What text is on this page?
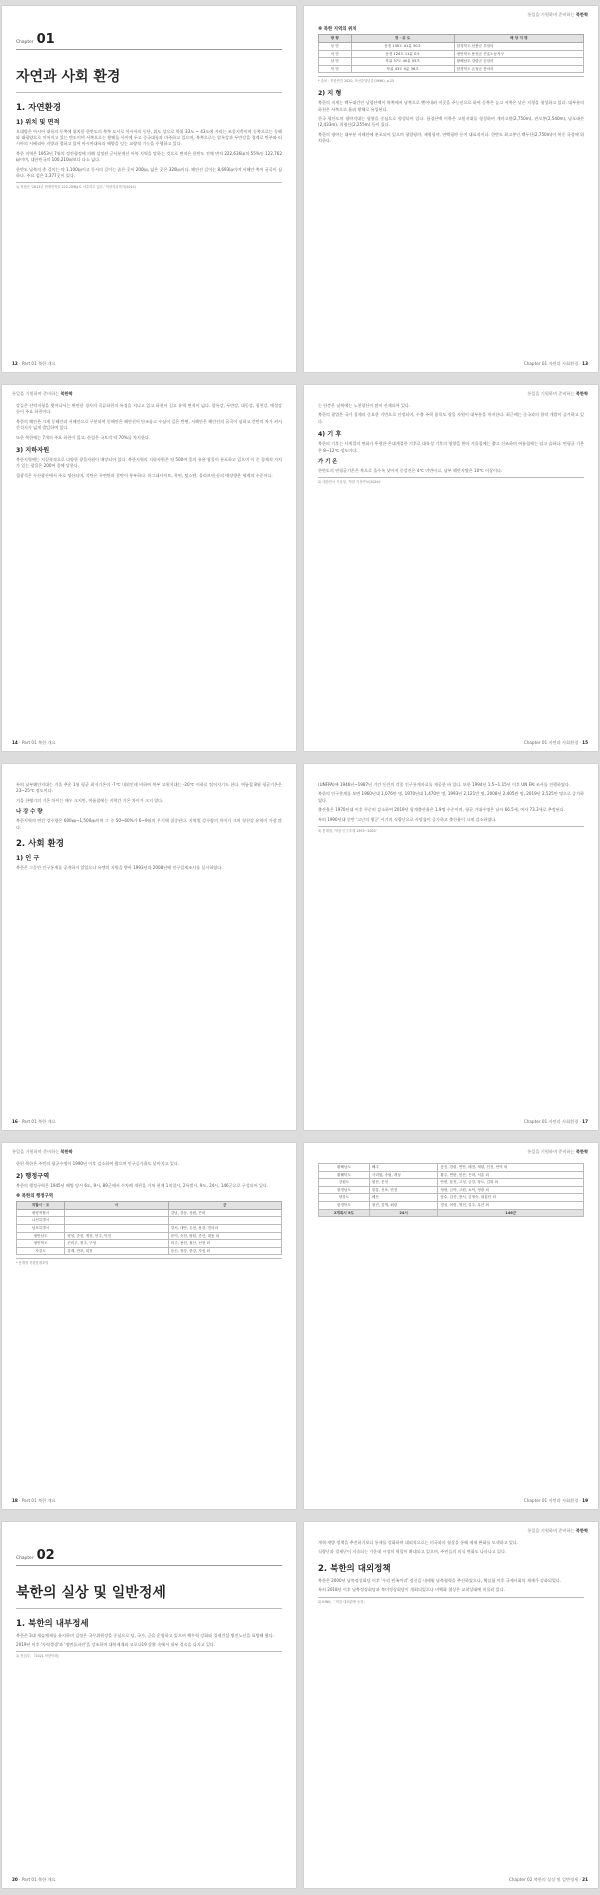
Chapter 01
자연과 사회 환경
1. 자연환경
1) 위치 및 면적

오대양은 아시아 대륙의 동쪽에 위치한 한반도의 북쪽 도시로 아시아의 동단, 위도 상으로 북위 33도 ~ 43도에 자리는 조종지축이며 동쪽으로는 동해와 태평양으로 이어지고 있는 반도이며 서쪽으로는 황해를 사이에 두고 중국대륙과 마주하고 있으며, 북쪽으로는 압록강과 두만강을 경계로 만주와 러시아의 시베리아 지방과 접하고 있어 아시아대륙과 해양을 잇는 교량적 기능을 수행하고 있다.

북한 지역은 1953년 7월의 정전협정에 의해 설정된 군사분계선 이북 지역을 말하는 것으로 면적은 한반도 전체 면적 222,636㎢의 55%인 122,762㎢이며, 대한민국의 100,210㎢보다 다소 넓다.

한반도 남북의 총 길이는 약 1,100㎞이고 동서의 길이는 좁은 곳이 200㎞, 넓은 곳은 320㎞이다. 해안선 길이는 8,693㎞이며 서해안 쪽이 굴곡이 심하다. 주요 섬은 1,377곳이 있다.

1) 북한은 '2013년 현재면적을 222,209㎢로 서술하고 있다.' 북한지리학자(2014)
12 · Part 01 북한 개요
통일을 기원하며 준비하는 북한학
※ 북한 지역의 위치
방 향	경 · 위 도	해 당 지 명
동 단	동경 130도 41분 50초	함경북도 선봉군 우암리
서 단	동경 124도 11분 0초	평안북도 용천군 진흥노동자구
남 단	북위 37도 40분 55초	황해남도 강령군 등암리
북 단	북위 43도 0분 36초	함경북도 온성군 풍서리
* 출처 : 북한연감 2020, 조선중앙년감(1996), p.25
2) 지 형

북한의 지세는 백두대간인 낭림산맥이 북쪽에서 남쪽으로 뻗어내려 이곳을 주능선으로 하여 동쪽은 높고 서쪽은 낮은 지형을 형성하고 있다. 대부분의 하천은 서쪽으로 흘러 황해로 유입된다.

한국 평안도의 평야지대는 평양을 중심으로 형성되어 있다. 함경산맥 이북은 고원지대를 형성하며 개마고원(2,750m), 관모봉(2,540m), 남포태산(2,433m), 희령산(2,255m) 등이 있다.

북한의 평야는 대부분 서해안에 분포되어 있으며 평양평야, 재령평야, 연백평야 등이 대표적이다. 한반도 최고봉인 백두산(2,750m)이 북중 국경에 위치한다.

Chapter 01 자연과 사회환경 · 13
통일을 기원하며 준비하는 북한학

강들은 산악지형을 벗어나서는 완만한 경사의 곡류하천의 특징을 지니고 있고 하천이 길고 유역 면적이 넓다. 압록강, 두만강, 대동강, 청천강, 예성강 등이 주요 하천이다.

북한의 해안은 크게 동해안과 서해안으로 구분되며 동해안은 해안선이 단조롭고 수심이 깊은 반면, 서해안은 해안선의 굴곡이 심하고 간만의 차가 커서 간석지가 넓게 발달하여 있다.

또한 북한에는 7개의 주요 하천이 있고, 산림은 국토의 약 70%를 차지한다.

3) 지하자원

북한지역에는 지질학적으로 다양한 광물자원이 매장되어 있다. 북한지역의 지하자원은 약 500여 종의 유용 광물이 분포하고 있으며 이 중 경제적 가치가 있는 광물은 200여 종에 달한다.

철광석은 무산광산에서 주로 생산되며, 석탄은 무연탄과 갈탄이 풍부하다. 마그네사이트, 흑연, 텅스텐, 몰리브덴 등의 매장량은 세계적 수준이다.

14 · Part 01 북한 개요
통일을 기원하며 준비하는 북한학

는 단층은 남북에는 노천광산이 많이 산재되어 있다.

북한의 광업은 국가 경제의 중요한 기반으로 인정되며, 수출 주력 품목도 광물 자원이 대부분을 차지한다. 최근에는 중국과의 합작 개발이 증가하고 있다.

4) 기 후

북한의 기후는 사계절의 변화가 뚜렷한 온대계절풍 기후로 대륙성 기후의 영향을 받아 겨울철에는 춥고 건조하며 여름철에는 덥고 습하다. 연평균 기온은 8~12℃ 정도이다.

가 기 온

한반도의 연평균기온은 북으로 올수록 낮아져 중강진은 4℃ 미만이고, 남부 해안지방은 10℃ 이상이다.

2) 대한민국 기상청, '북한 기상연보(2020)'
Chapter 01 자연과 사회환경 · 15

특히 남부해안지대는 겨울 추운 1월 평균 최저기온이 -7℃ 내외인데 비하여 북부 고원지대는 -20℃ 이하로 떨어지기도 한다. 여름철 8월 평균기온은 23~25℃ 정도이다.

겨울 한랭기의 기온 차이는 매우 크지만, 여름철에는 지역간 기온 차이가 크지 않다.

나 강 수 량

북한지역의 연간 강수량은 600㎜~1,500㎜이며 그 중 50~60%가 6~9월의 우기에 집중된다. 지역별 강수량의 차이가 크며 청천강 유역이 가장 많다.

2. 사회 환경
1) 인 구

북한은 그동안 인구통계를 공개하지 않았으나 유엔의 지원을 받아 1993년과 2008년에 인구일제조사를 실시하였다.

16 · Part 01 북한 개요

(UNFPA)에 1946년~1987년 기간 동안의 각종 인구통계자료를 제공한 바 있다. 또한 1994년 1.5~1.15년 이후 UN FAI 조사를 진행하였다.

북한의 인구총계를 보면 1960년대 1,076만 명, 1970년대 1,470만 명, 1993년 2,121만 명, 2008년 2,405만 명, 2019년 2,525만 명으로 증가하였다.

출산율은 1970년대 이후 꾸준히 감소하여 2019년 합계출산율은 1.9명 수준이며, 평균 기대수명은 남자 66.5세, 여자 73.3세로 추정된다.

특히 1990년대 중반 '고난의 행군' 시기의 식량난으로 사망률이 증가하고 출산율이 크게 감소하였다.

3) 통계청, '북한 인구추계 1993~2055'
Chapter 01 자연과 사회환경 · 17
통일을 기원하며 준비하는 북한학

한편 북한은 주민의 평균수명이 1990년 이후 감소하여 왔으며 인구증가율도 낮아지고 있다.

2) 행정구역

북한의 행정구역은 1945년 해방 당시 6도, 9시, 89군에서 수차례 개편을 거쳐 현재 1직할시, 2특별시, 9도, 24시, 146군으로 구성되어 있다.

※ 북한의 행정구역
직할시 · 도	시	군
평양직할시		강남, 강동, 상원, 은파
나선특별시		
남포특별시		강서, 대안, 온천, 용강, 천리마
평안남도	평성, 순천, 개천, 안주, 덕천	문덕, 숙천, 평원, 증산, 대동 외
평안북도	신의주, 정주, 구성	의주, 용천, 철산, 선천 외
자강도	강계, 만포, 희천	동신, 장강, 중강, 자성 외
* 통계청 북한통계포털
18 · Part 01 북한 개요
통일을 기원하며 준비하는 북한학
황해남도	해주	옹진, 강령, 연안, 배천, 재령, 신천, 안악 외
황해북도	사리원, 송림, 개성	황주, 연탄, 봉산, 은파, 서흥 외
강원도	원산, 문천	안변, 통천, 고성, 금강, 창도, 김화 외
함경남도	함흥, 신포, 단천	정평, 금야, 고원, 요덕, 영광 외
양강도	혜산	삼수, 갑산, 풍서, 김정숙, 대홍단 외
함경북도	청진, 김책, 회령	경성, 어랑, 명천, 길주, 무산 외
2개특시 9도	24시	146군
Chapter 01 자연과 사회환경 · 19
Chapter 02
북한의 실상 및 일반정세
1. 북한의 내부정세

북한은 3대 세습체제를 유지하며 김정은 국무위원장을 중심으로 당, 국가, 군을 운영하고 있으며 핵무력 강화와 경제건설 병진노선을 표방해 왔다.

2019년 이후 '자력갱생'과 '정면돌파전'을 강조하며 대북제재와 코로나19 상황 속에서 내부 결속을 다지고 있다.

1) 통일부, 『2021 북한이해』
20 · Part 01 북한 개요
통일을 기원하며 준비하는 북한학

개혁·개방 정책을 추진하기보다 통제를 강화하며 대외적으로는 미국과의 협상을 통해 제재 완화를 모색하고 있다.

식량난과 경제난이 지속되는 가운데 시장의 역할이 확대되고 있으며, 주민들의 의식 변화도 나타나고 있다.

2. 북한의 대외정책

북한은 2000년 남북정상회담 이후 '우리 민족끼리' 정신을 내세워 남북협력을 추진하였으나, 핵실험 이후 국제사회의 제재가 강화되었다.

특히 2018년 이후 남북정상회담과 북미정상회담이 개최되었으나 비핵화 협상은 교착상태에 머물러 있다.

2) KINU, 「북한 대외관계 동향」
Chapter 02 북한의 실상 및 일반정세 · 21
